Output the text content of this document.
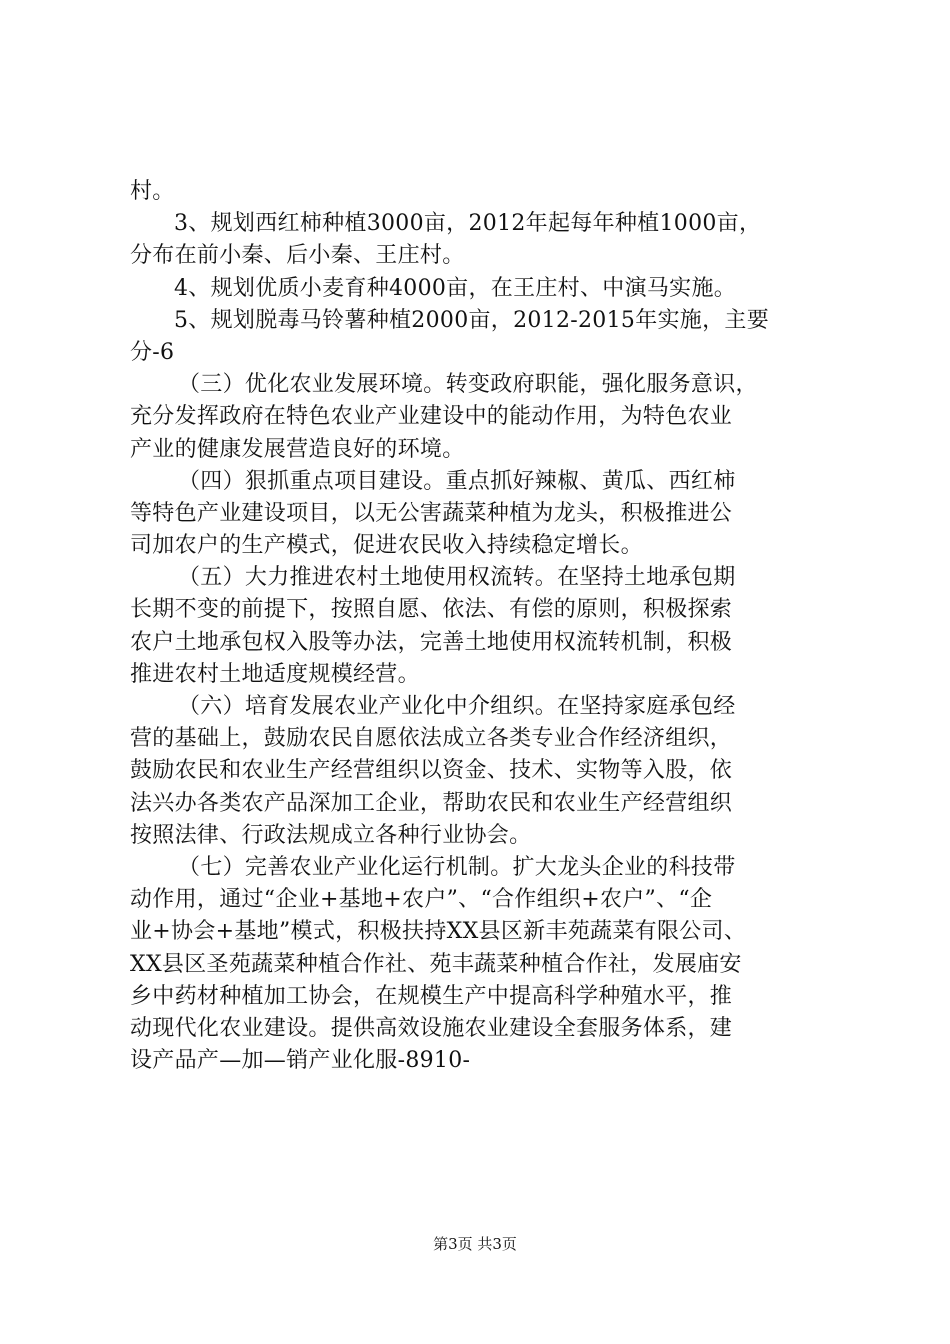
村。
3、规划西红柿种植3000亩，2012年起每年种植1000亩，
分布在前小秦、后小秦、王庄村。
4、规划优质小麦育种4000亩，在王庄村、中演马实施。
5、规划脱毒马铃薯种植2000亩，2012-2015年实施，主要
分-6
（三）优化农业发展环境。转变政府职能，强化服务意识，
充分发挥政府在特色农业产业建设中的能动作用，为特色农业
产业的健康发展营造良好的环境。
（四）狠抓重点项目建设。重点抓好辣椒、黄瓜、西红柿
等特色产业建设项目，以无公害蔬菜种植为龙头，积极推进公
司加农户的生产模式，促进农民收入持续稳定增长。
（五）大力推进农村土地使用权流转。在坚持土地承包期
长期不变的前提下，按照自愿、依法、有偿的原则，积极探索
农户土地承包权入股等办法，完善土地使用权流转机制，积极
推进农村土地适度规模经营。
（六）培育发展农业产业化中介组织。在坚持家庭承包经
营的基础上，鼓励农民自愿依法成立各类专业合作经济组织，
鼓励农民和农业生产经营组织以资金、技术、实物等入股，依
法兴办各类农产品深加工企业，帮助农民和农业生产经营组织
按照法律、行政法规成立各种行业协会。
（七）完善农业产业化运行机制。扩大龙头企业的科技带
动作用，通过“企业+基地+农户”、“合作组织+农户”、“企
业+协会+基地”模式，积极扶持XX县区新丰苑蔬菜有限公司、
XX县区圣苑蔬菜种植合作社、苑丰蔬菜种植合作社，发展庙安
乡中药材种植加工协会，在规模生产中提高科学种殖水平，推
动现代化农业建设。提供高效设施农业建设全套服务体系，建
设产品产—加—销产业化服-8910-
第3页 共3页
